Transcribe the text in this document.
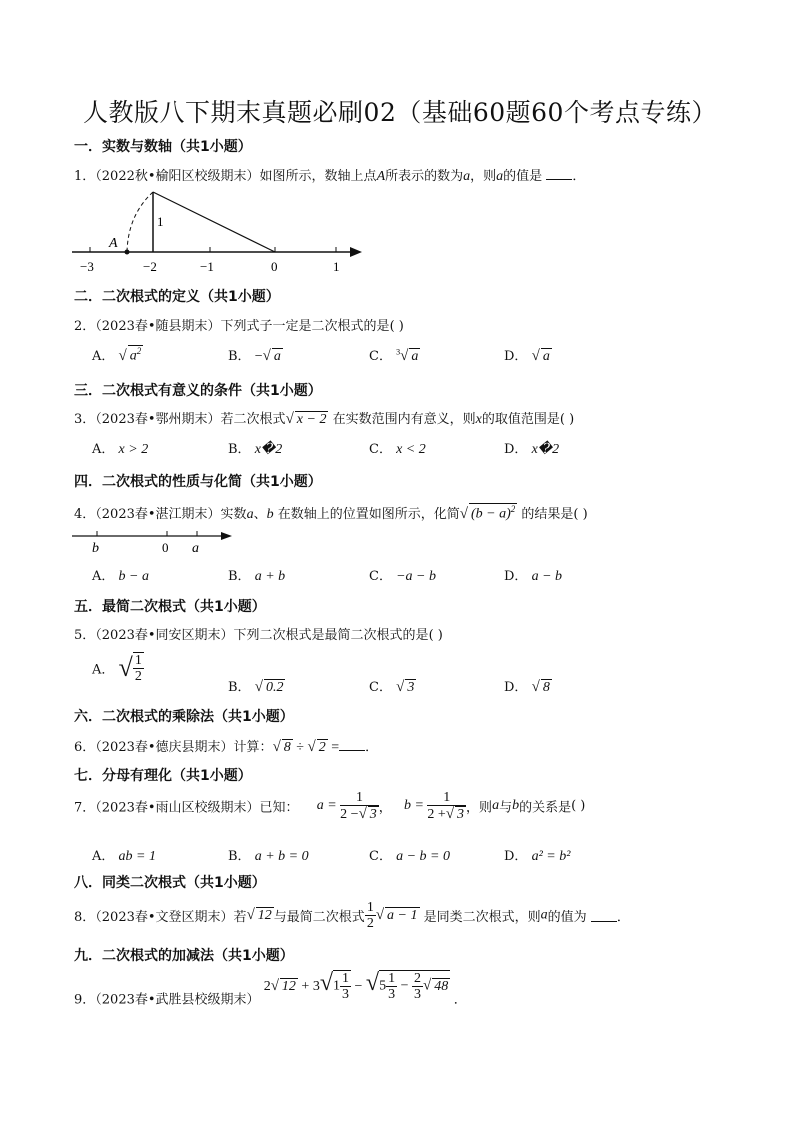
人教版八下期末真题必刷02（基础60题60个考点专练）
一．实数与数轴（共1小题）
1．（2022秋•榆阳区校级期末）如图所示，数轴上点A所表示的数为a，则a的值是 ．
A
1
−3	−2	−1	0	1
二．二次根式的定义（共1小题）
2．（2023春•随县期末）下列式子一定是二次根式的是( )
A． √ $a^2$	B． −√ a	C． $^3$√ a	D． √ a
三．二次根式有意义的条件（共1小题）
3．（2023春•鄂州期末）若二次根式√ x − 2 在实数范围内有意义，则x的取值范围是( )
A． x > 2	B． x�2	C． x < 2	D． x�2
四．二次根式的性质与化简（共1小题）
4．（2023春•湛江期末）实数a、b 在数轴上的位置如图所示，化简√ $(b - a)^2$ 的结果是( )
b	0 a
A． b − a	B． a + b	C． −a − b	D． a − b
五．最简二次根式（共1小题）
5．（2023春•同安区期末）下列二次根式是最简二次根式的是( )
A． √ $\frac{1}{2}$
B． √ 0.2	C． √ 3	D． √ 8
六．二次根式的乘除法（共1小题）
6．（2023春•德庆县期末）计算：√ 8 ÷ √ 2 = ．
七．分母有理化（共1小题）
7．（2023春•雨山区校级期末）已知： $a = \frac{1}{2 -√ 3}$ ， $b = \frac{1}{2 +√ 3}$ ，则a与b的关系是( )
A． ab = 1	B． a + b = 0	C． a − b = 0	D． a² = b²
八．同类二次根式（共1小题）
8．（2023春•文登区期末）若√ 12 与最简二次根式 $\frac{1}{2}$ √ a − 1 是同类二次根式，则a的值为 ．
九．二次根式的加减法（共1小题）
9．（2023春•武胜县校级期末） 2√ $12 + 3√1 \frac{1}{3} - √5 \frac{1}{3} - \frac{2}{3}$ √ 48 ．
